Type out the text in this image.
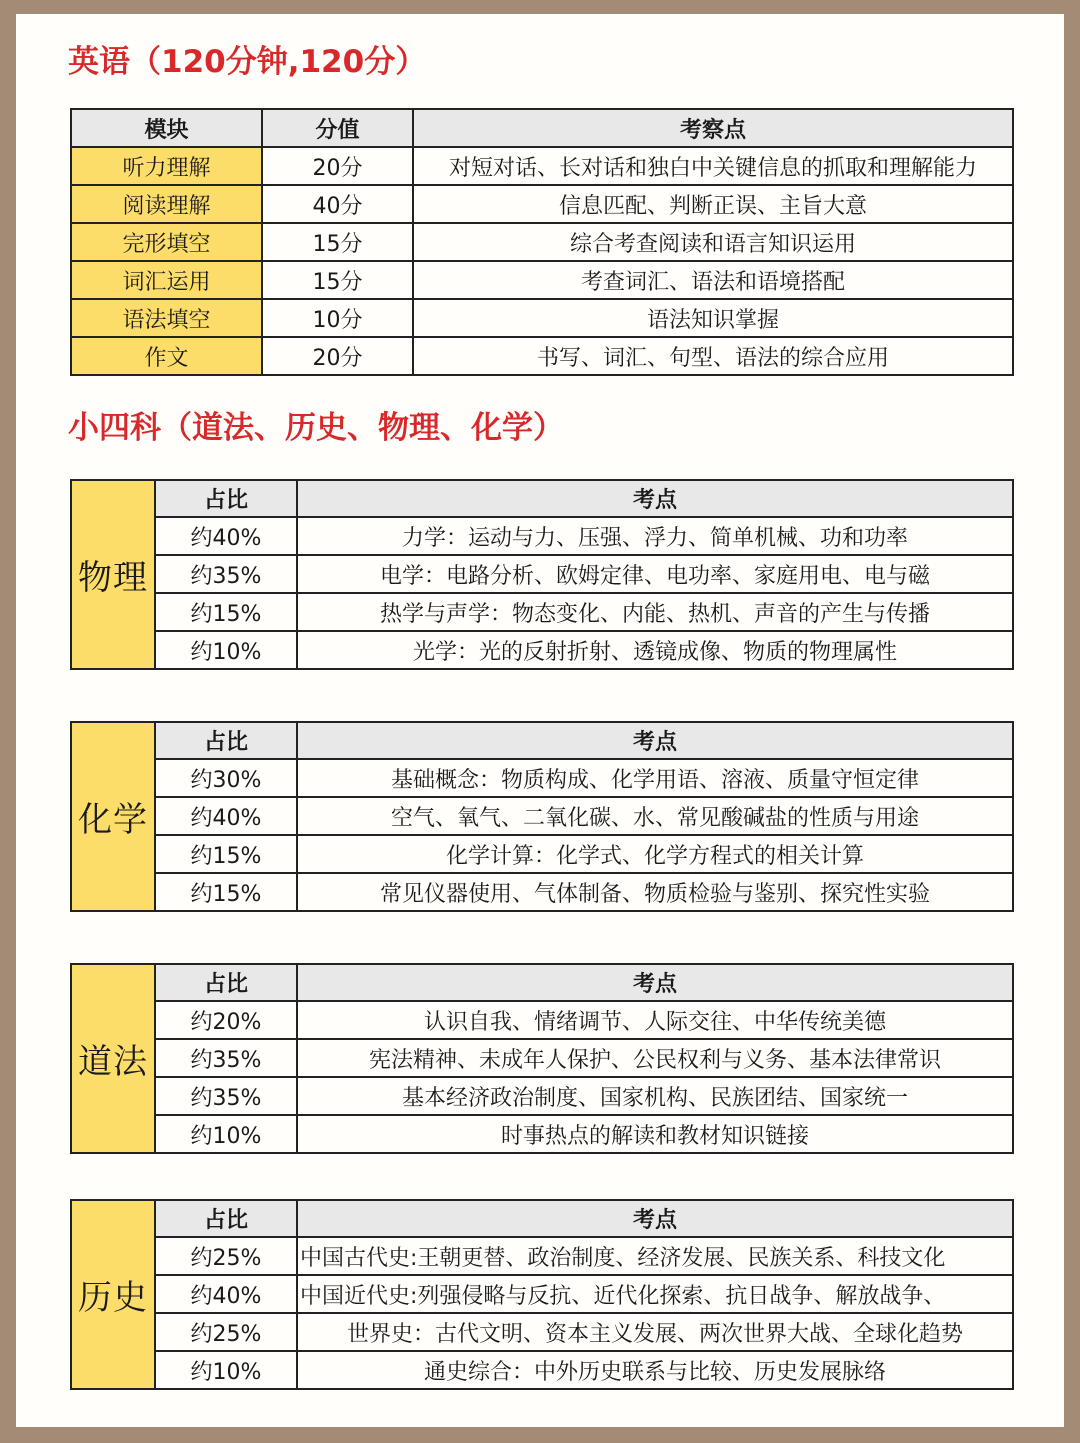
英语（120分钟,120分）
模块	分值	考察点
听力理解	20分	对短对话、长对话和独白中关键信息的抓取和理解能力
阅读理解	40分	信息匹配、判断正误、主旨大意
完形填空	15分	综合考查阅读和语言知识运用
词汇运用	15分	考查词汇、语法和语境搭配
语法填空	10分	语法知识掌握
作文	20分	书写、词汇、句型、语法的综合应用
小四科（道法、历史、物理、化学）
物理	占比	考点
	约40%	力学：运动与力、压强、浮力、简单机械、功和功率
	约35%	电学：电路分析、欧姆定律、电功率、家庭用电、电与磁
	约15%	热学与声学：物态变化、内能、热机、声音的产生与传播
	约10%	光学：光的反射折射、透镜成像、物质的物理属性
化学	占比	考点
	约30%	基础概念：物质构成、化学用语、溶液、质量守恒定律
	约40%	空气、氧气、二氧化碳、水、常见酸碱盐的性质与用途
	约15%	化学计算：化学式、化学方程式的相关计算
	约15%	常见仪器使用、气体制备、物质检验与鉴别、探究性实验
道法	占比	考点
	约20%	认识自我、情绪调节、人际交往、中华传统美德
	约35%	宪法精神、未成年人保护、公民权利与义务、基本法律常识
	约35%	基本经济政治制度、国家机构、民族团结、国家统一
	约10%	时事热点的解读和教材知识链接
历史	占比	考点
	约25%	中国古代史:王朝更替、政治制度、经济发展、民族关系、科技文化
	约40%	中国近代史:列强侵略与反抗、近代化探索、抗日战争、解放战争、
	约25%	世界史：古代文明、资本主义发展、两次世界大战、全球化趋势
	约10%	通史综合：中外历史联系与比较、历史发展脉络
